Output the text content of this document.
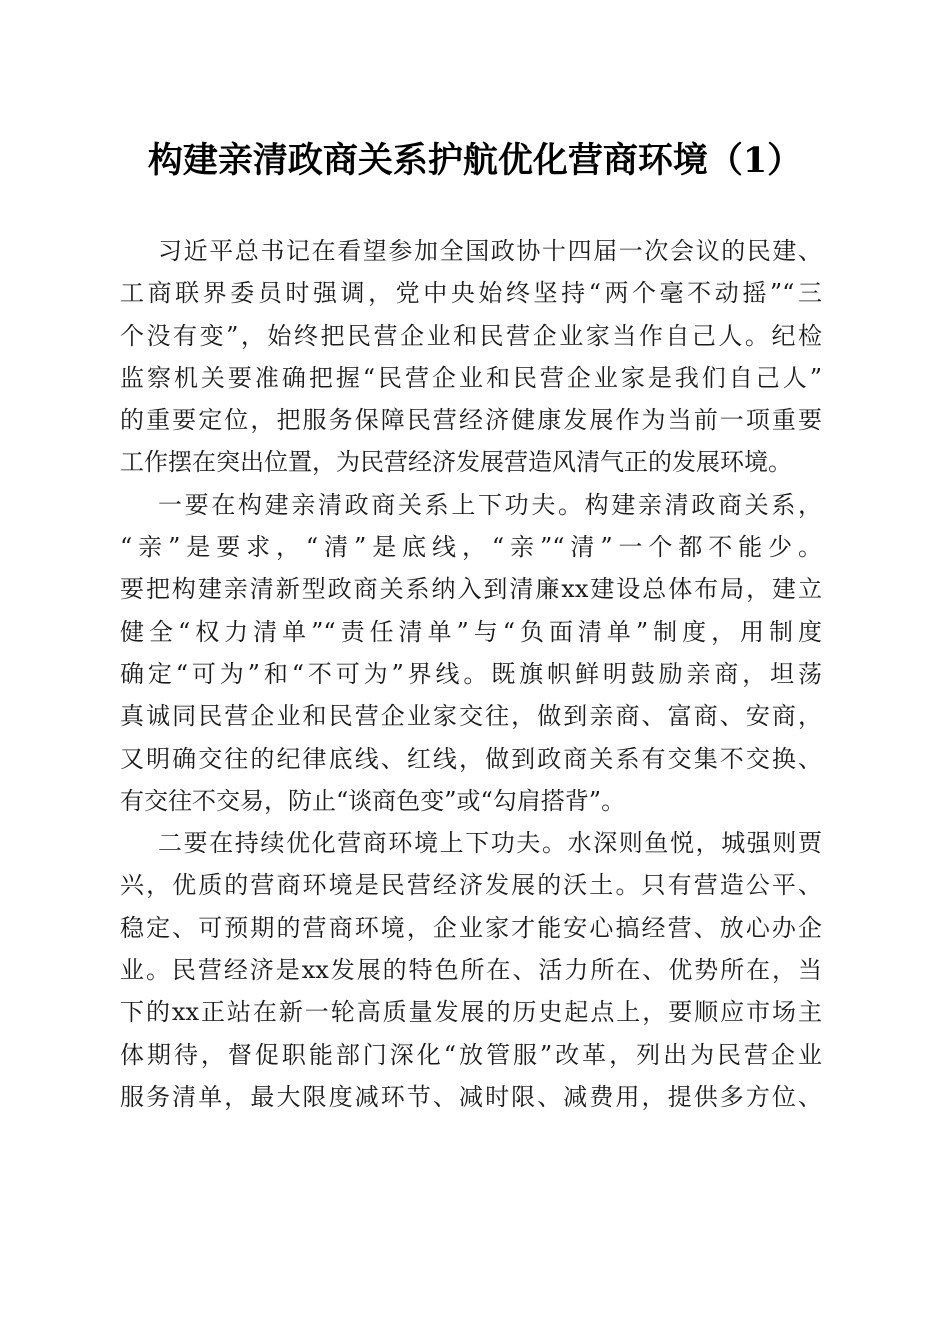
构建亲清政商关系护航优化营商环境（1）
习近平总书记在看望参加全国政协十四届一次会议的民建、
工商联界委员时强调，党中央始终坚持“两个毫不动摇”“三
个没有变”，始终把民营企业和民营企业家当作自己人。纪检
监察机关要准确把握“民营企业和民营企业家是我们自己人”
的重要定位，把服务保障民营经济健康发展作为当前一项重要
工作摆在突出位置，为民营经济发展营造风清气正的发展环境。
一要在构建亲清政商关系上下功夫。构建亲清政商关系，
“亲”是要求，“清”是底线，“亲”“清”一个都不能少。
要把构建亲清新型政商关系纳入到清廉xx建设总体布局，建立
健全“权力清单”“责任清单”与“负面清单”制度，用制度
确定“可为”和“不可为”界线。既旗帜鲜明鼓励亲商，坦荡
真诚同民营企业和民营企业家交往，做到亲商、富商、安商，
又明确交往的纪律底线、红线，做到政商关系有交集不交换、
有交往不交易，防止“谈商色变”或“勾肩搭背”。
二要在持续优化营商环境上下功夫。水深则鱼悦，城强则贾
兴，优质的营商环境是民营经济发展的沃土。只有营造公平、
稳定、可预期的营商环境，企业家才能安心搞经营、放心办企
业。民营经济是xx发展的特色所在、活力所在、优势所在，当
下的xx正站在新一轮高质量发展的历史起点上，要顺应市场主
体期待，督促职能部门深化“放管服”改革，列出为民营企业
服务清单，最大限度减环节、减时限、减费用，提供多方位、
